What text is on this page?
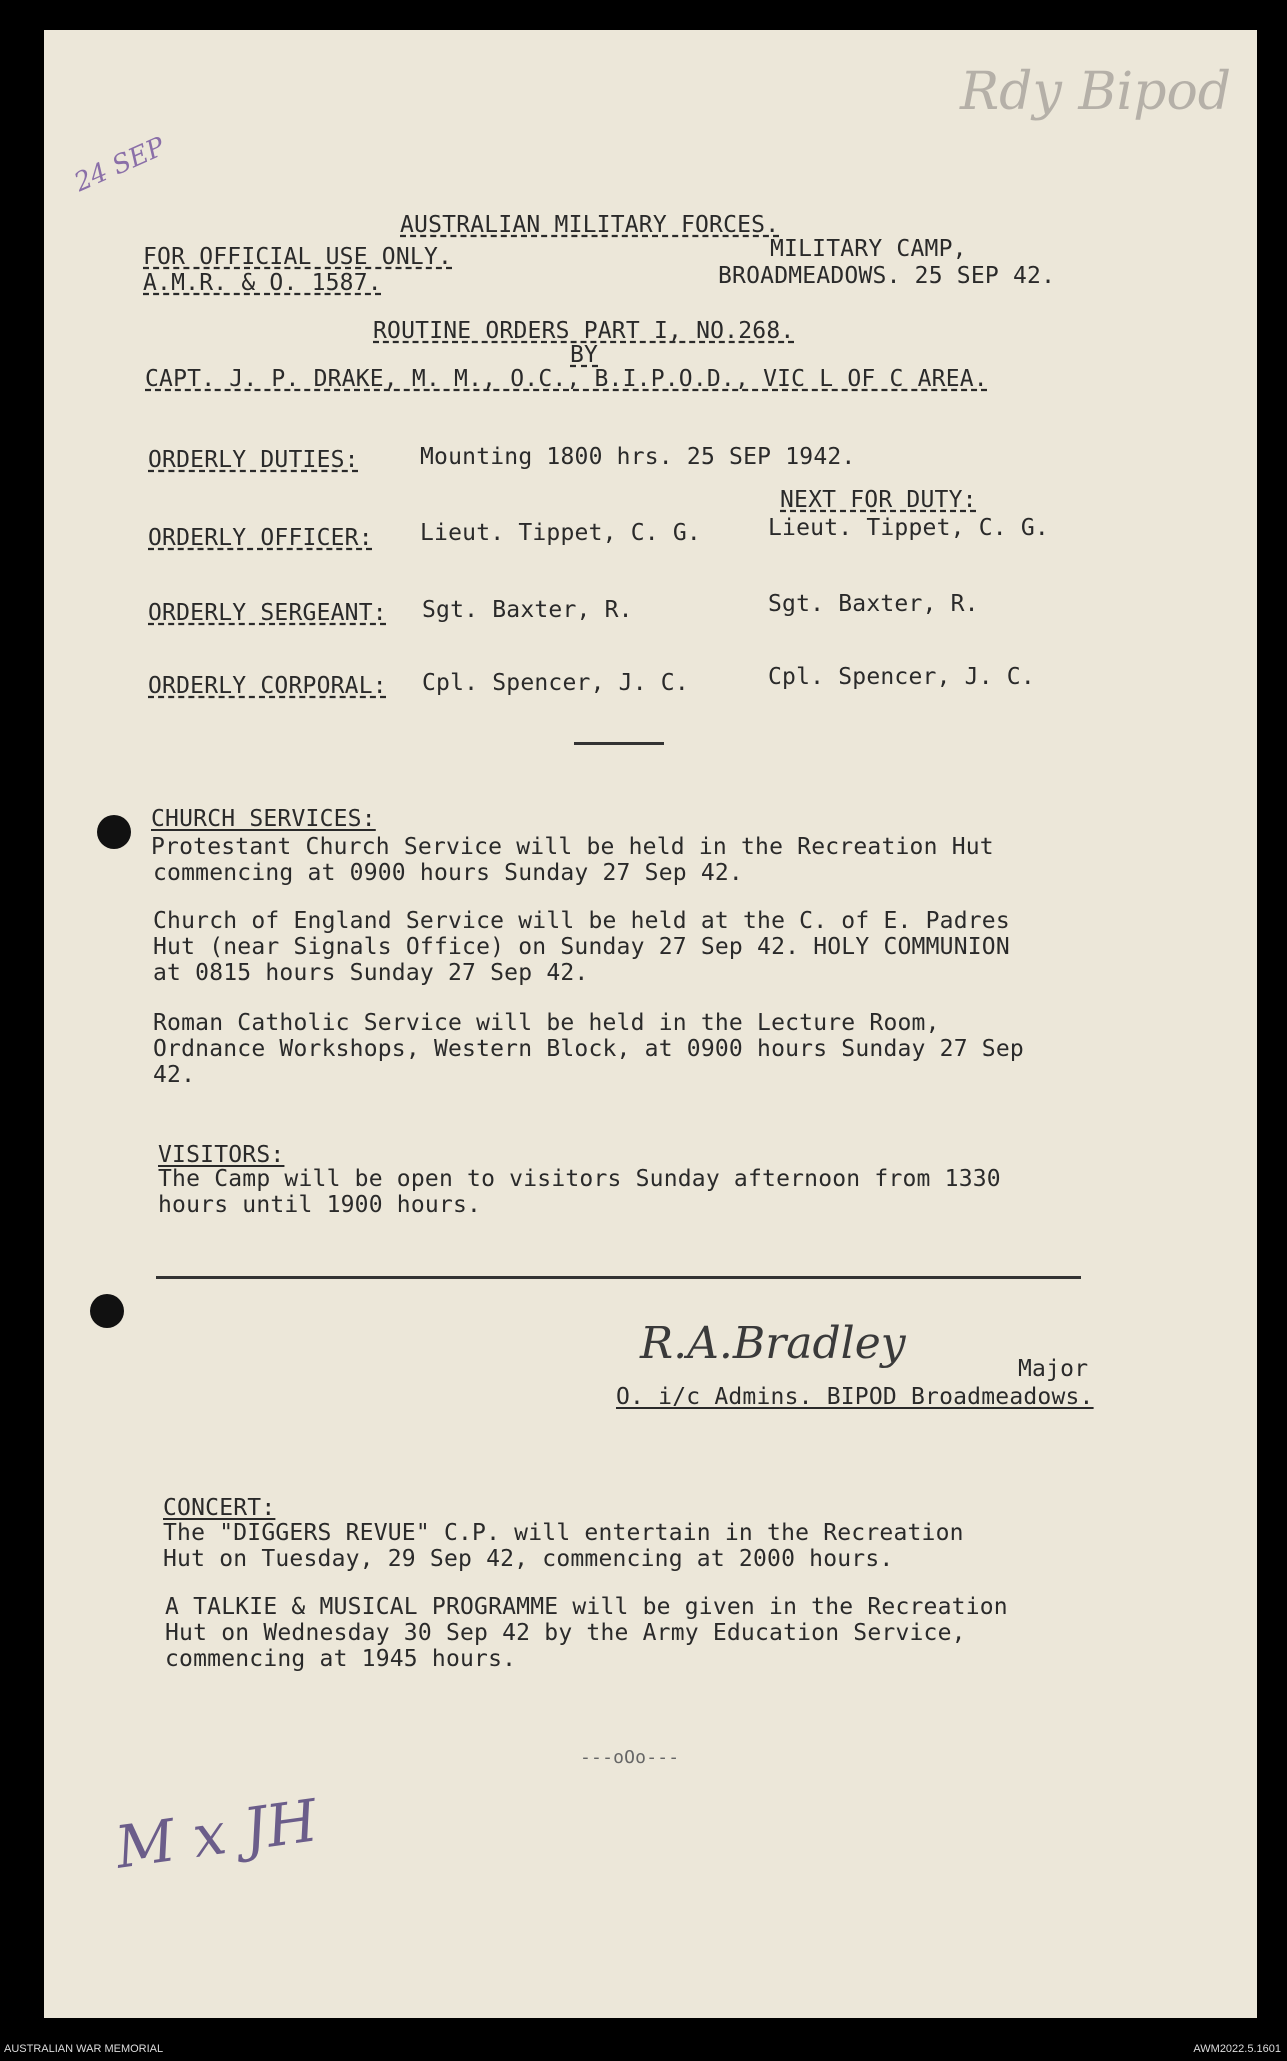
24 SEP
Rdy Bipod
AUSTRALIAN MILITARY FORCES.
FOR OFFICIAL USE ONLY.
A.M.R. & O. 1587.
MILITARY CAMP,
BROADMEADOWS. 25 SEP 42.
ROUTINE ORDERS PART I, NO.268.
BY
CAPT. J. P. DRAKE, M. M., O.C., B.I.P.O.D., VIC L OF C AREA.
ORDERLY DUTIES:	Mounting 1800 hrs. 25 SEP 1942.
NEXT FOR DUTY:
ORDERLY OFFICER: Lieut. Tippet, C. G.	Lieut. Tippet, C. G.
ORDERLY SERGEANT: Sgt. Baxter, R.	Sgt. Baxter, R.
ORDERLY CORPORAL: Cpl. Spencer, J. C.	Cpl. Spencer, J. C.
CHURCH SERVICES:
Protestant Church Service will be held in the Recreation Hut
commencing at 0900 hours Sunday 27 Sep 42.
Church of England Service will be held at the C. of E. Padres
Hut (near Signals Office) on Sunday 27 Sep 42. HOLY COMMUNION
at 0815 hours Sunday 27 Sep 42.
Roman Catholic Service will be held in the Lecture Room,
Ordnance Workshops, Western Block, at 0900 hours Sunday 27 Sep
42.
VISITORS:
The Camp will be open to visitors Sunday afternoon from 1330
hours until 1900 hours.
R.A.Bradley	Major
O. i/c Admins. BIPOD Broadmeadows.
CONCERT:
The "DIGGERS REVUE" C.P. will entertain in the Recreation
Hut on Tuesday, 29 Sep 42, commencing at 2000 hours.
A TALKIE & MUSICAL PROGRAMME will be given in the Recreation
Hut on Wednesday 30 Sep 42 by the Army Education Service,
commencing at 1945 hours.
---oOo---
M x JH
AUSTRALIAN WAR MEMORIAL	AWM2022.5.1601
